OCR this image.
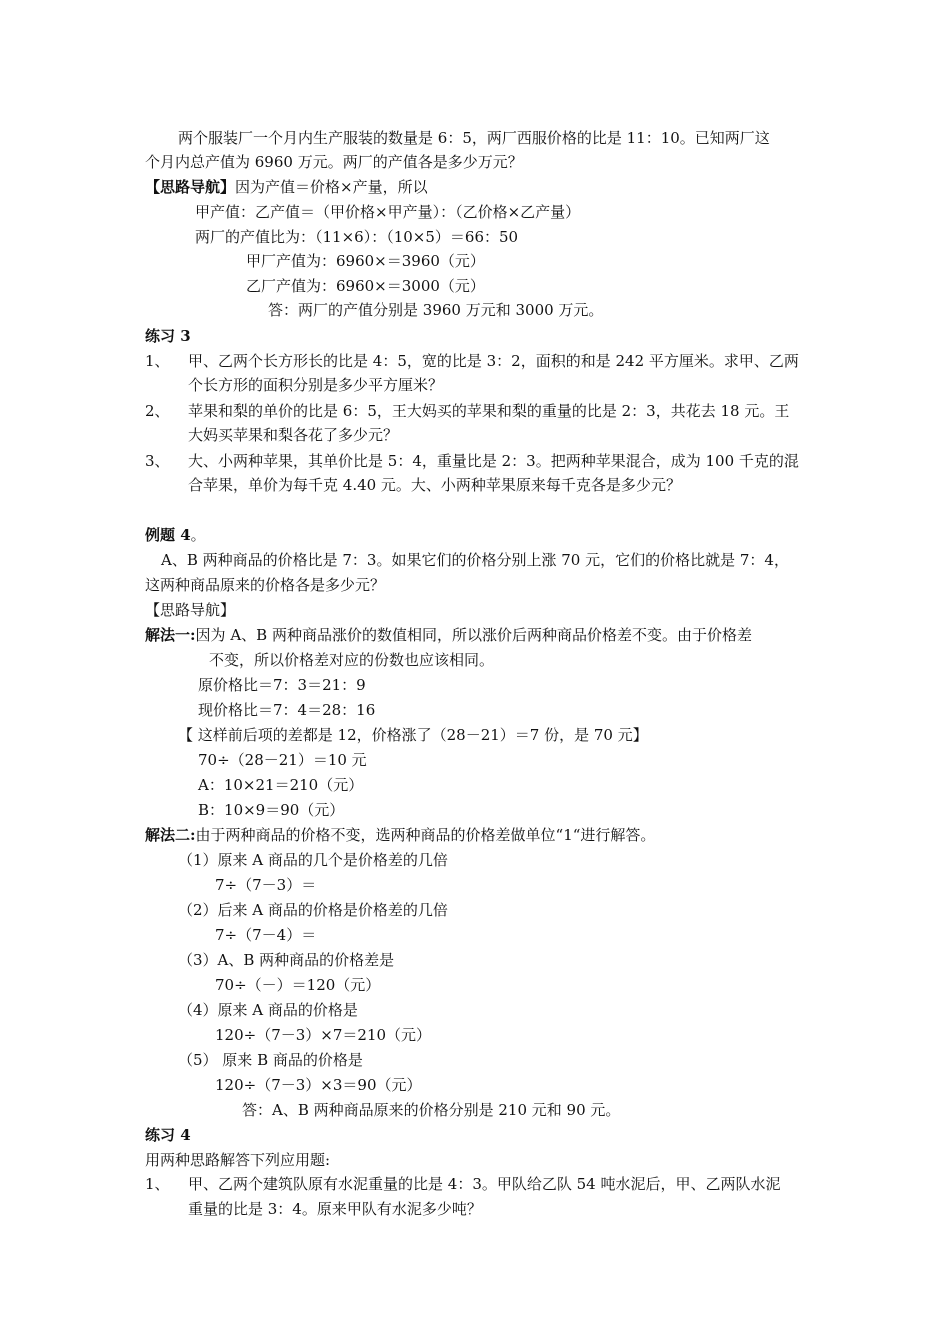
两个服装厂一个月内生产服装的数量是 6：5，两厂西服价格的比是 11：10。已知两厂这
个月内总产值为 6960 万元。两厂的产值各是多少万元？
【思路导航】因为产值＝价格×产量，所以
甲产值：乙产值＝（甲价格×甲产量）：（乙价格×乙产量）
两厂的产值比为：（11×6）：（10×5）＝66：50
甲厂产值为：6960×＝3960（元）
乙厂产值为：6960×＝3000（元）
答：两厂的产值分别是 3960 万元和 3000 万元。
练习 3
1、 甲、乙两个长方形长的比是 4：5，宽的比是 3：2，面积的和是 242 平方厘米。求甲、乙两
个长方形的面积分别是多少平方厘米？
2、 苹果和梨的单价的比是 6：5，王大妈买的苹果和梨的重量的比是 2：3，共花去 18 元。王
大妈买苹果和梨各花了多少元？
3、 大、小两种苹果，其单价比是 5：4，重量比是 2：3。把两种苹果混合，成为 100 千克的混
合苹果，单价为每千克 4.40 元。大、小两种苹果原来每千克各是多少元？
例题 4。
A、B 两种商品的价格比是 7：3。如果它们的价格分别上涨 70 元，它们的价格比就是 7：4，
这两种商品原来的价格各是多少元？
【思路导航】
解法一:因为 A、B 两种商品涨价的数值相同，所以涨价后两种商品价格差不变。由于价格差
不变，所以价格差对应的份数也应该相同。
原价格比＝7：3＝21：9
现价格比＝7：4＝28：16
【 这样前后项的差都是 12，价格涨了（28－21）＝7 份，是 70 元】
70÷（28－21）＝10 元
A：10×21＝210（元）
B：10×9＝90（元）
解法二:由于两种商品的价格不变，选两种商品的价格差做单位“1“进行解答。
（1）原来 A 商品的几个是价格差的几倍
7÷（7－3）＝
（2）后来 A 商品的价格是价格差的几倍
7÷（7－4）＝
（3）A、B 两种商品的价格差是
70÷（－）＝120（元）
（4）原来 A 商品的价格是
120÷（7－3）×7＝210（元）
（5） 原来 B 商品的价格是
120÷（7－3）×3＝90（元）
答：A、B 两种商品原来的价格分别是 210 元和 90 元。
练习 4
用两种思路解答下列应用题:
1、 甲、乙两个建筑队原有水泥重量的比是 4：3。甲队给乙队 54 吨水泥后，甲、乙两队水泥
重量的比是 3：4。原来甲队有水泥多少吨？
